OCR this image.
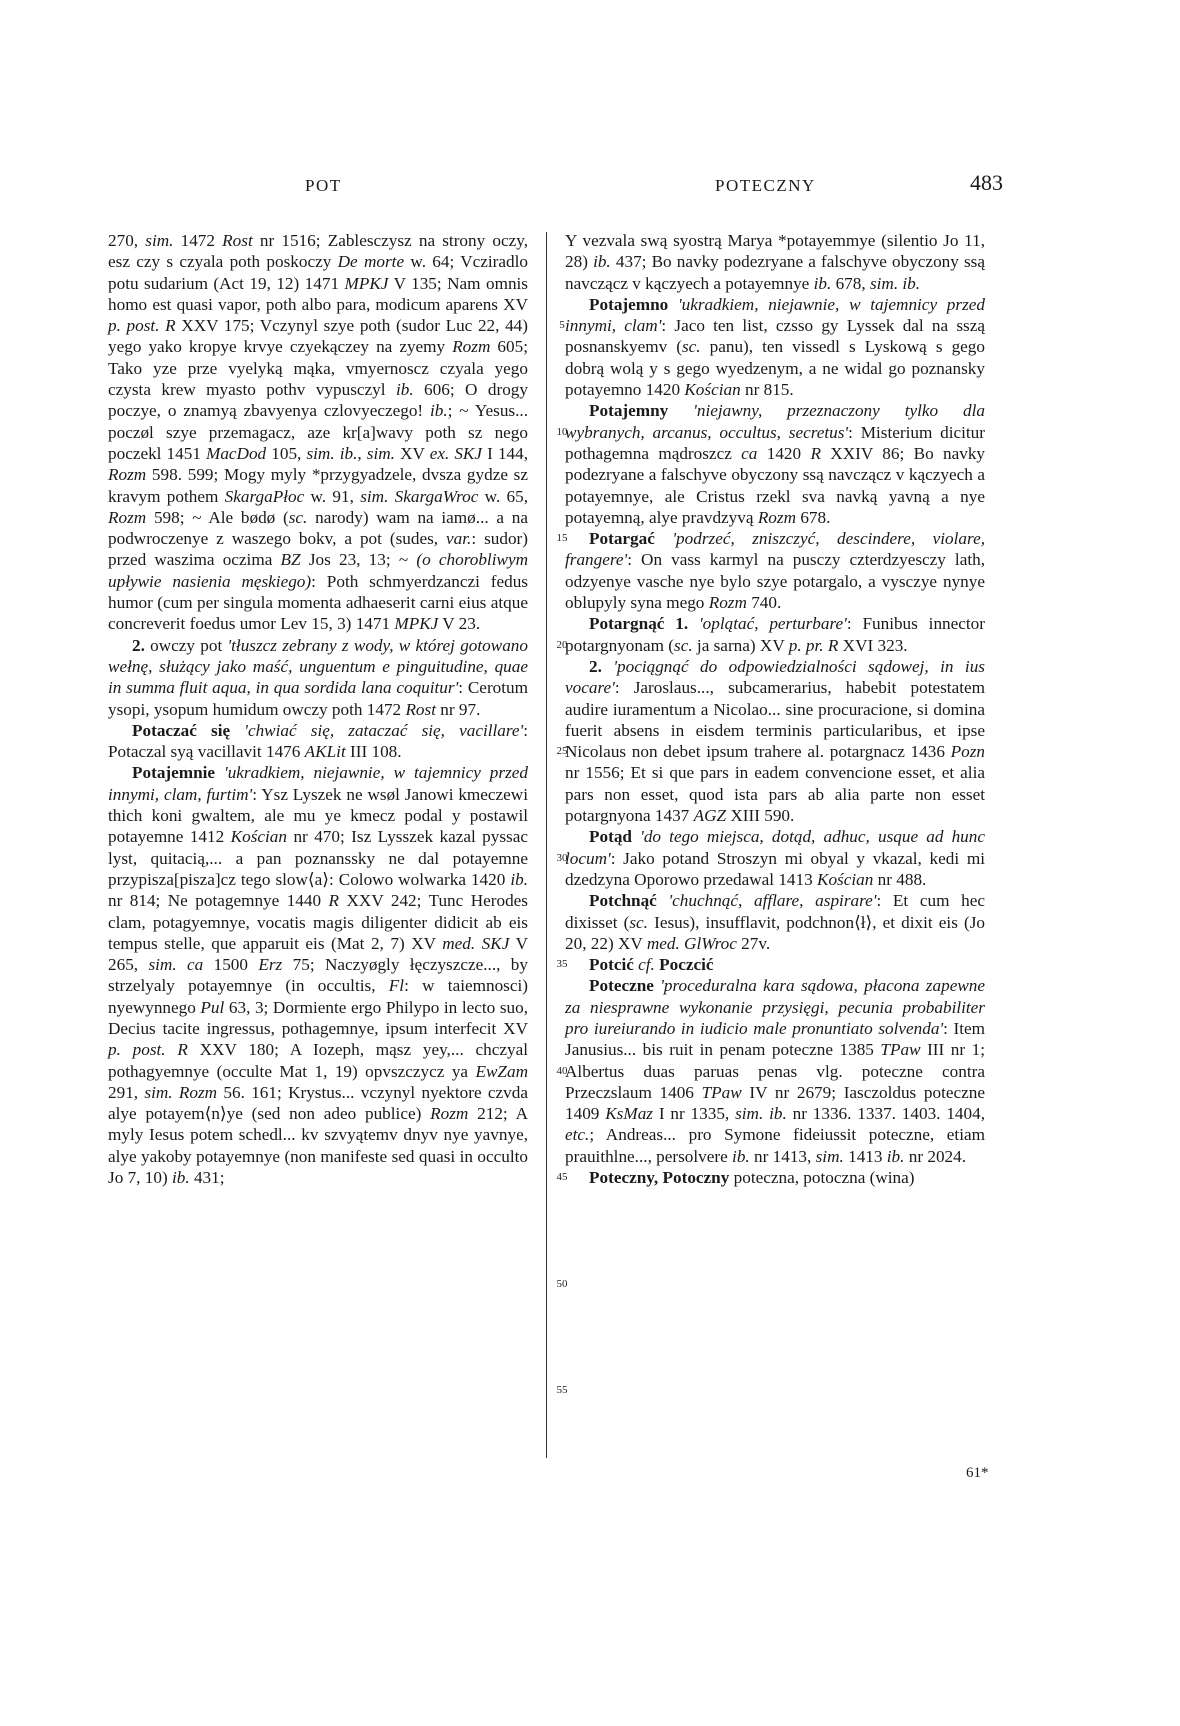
POT	POTECZNY	483

270, sim. 1472 Rost nr 1516; Zablesczysz na strony oczy, esz czy s czyala poth poskoczy De morte w. 64; Vcziradlo potu sudarium (Act 19, 12) 1471 MPKJ V 135; Nam omnis homo est quasi vapor, poth albo para, modicum aparens XV p. post. R XXV 175; Vczynyl szye poth (sudor Luc 22, 44) yego yako kropye krvye czyekączey na zyemy Rozm 605; Tako yze prze vyelyką mąka, vmyernoscz czyala yego czysta krew myasto pothv vypusczyl ib. 606; O drogy poczye, o znamyą zbavyenya czlovyeczego! ib.; ~ Yesus... poczøl szye przemagacz, aze kr[a]wavy poth sz nego poczekl 1451 MacDod 105, sim. ib., sim. XV ex. SKJ I 144, Rozm 598. 599; Mogy myly *przygyadzele, dvsza gydze sz kravym pothem SkargaPłoc w. 91, sim. SkargaWroc w. 65, Rozm 598; ~ Ale bødø (sc. narody) wam na iamø... a na podwroczenye z waszego bokv, a pot (sudes, var.: sudor) przed waszima oczima BZ Jos 23, 13; ~ (o chorobliwym upływie nasienia męskiego): Poth schmyerdzanczi fedus humor (cum per singula momenta adhaeserit carni eius atque concreverit foedus umor Lev 15, 3) 1471 MPKJ V 23.

2. owczy pot 'tłuszcz zebrany z wody, w której gotowano wełnę, służący jako maść, unguentum e pinguitudine, quae in summa fluit aqua, in qua sordida lana coquitur': Cerotum ysopi, ysopum humidum owczy poth 1472 Rost nr 97.

Potaczać się 'chwiać się, zataczać się, vacillare': Potaczal syą vacillavit 1476 AKLit III 108.

Potajemnie 'ukradkiem, niejawnie, w tajemnicy przed innymi, clam, furtim': Ysz Lyszek ne wsøl Janowi kmeczewi thich koni gwaltem, ale mu ye kmecz podal y postawil potayemne 1412 Kościan nr 470; Isz Lysszek kazal pyssac lyst, quitacią,... a pan poznanssky ne dal potayemne przypisza[pisza]cz tego slow⟨a⟩: Colowo wolwarka 1420 ib. nr 814; Ne potagemnye 1440 R XXV 242; Tunc Herodes clam, potagyemnye, vocatis magis diligenter didicit ab eis tempus stelle, que apparuit eis (Mat 2, 7) XV med. SKJ V 265, sim. ca 1500 Erz 75; Naczyøgly łęczyszcze..., by strzelyaly potayemnye (in occultis, Fl: w taiemnosci) nyewynnego Pul 63, 3; Dormiente ergo Philypo in lecto suo, Decius tacite ingressus, pothagemnye, ipsum interfecit XV p. post. R XXV 180; A Iozeph, mąsz yey,... chczyal pothagyemnye (occulte Mat 1, 19) opvszczycz ya EwZam 291, sim. Rozm 56. 161; Krystus... vczynyl nyektore czvda alye potayem⟨n⟩ye (sed non adeo publice) Rozm 212; A myly Iesus potem schedl... kv szvyątemv dnyv nye yavnye, alye yakoby potayemnye (non manifeste sed quasi in occulto Jo 7, 10) ib. 431;

5
10
15
20
25
30
35
40
45
50
55

Y vezvala swą syostrą Marya *potayemmye (silentio Jo 11, 28) ib. 437; Bo navky podezryane a falschyve obyczony ssą navcząсz v kączyech a potayemnye ib. 678, sim. ib.

Potajemno 'ukradkiem, niejawnie, w tajemnicy przed innymi, clam': Jaco ten list, czsso gy Lyssek dal na sszą posnanskyemv (sc. panu), ten vissedl s Lyskową s gego dobrą wolą y s gego wyedzenym, a ne widal go poznansky potayemno 1420 Kościan nr 815.

Potajemny 'niejawny, przeznaczony tylko dla wybranych, arcanus, occultus, secretus': Misterium dicitur pothagemna mądroszcz ca 1420 R XXIV 86; Bo navky podezryane a falschyve obyczony ssą navcząсz v kączyech a potayemnye, ale Cristus rzekl sva navką yavną a nye potayemną, alye pravdzyvą Rozm 678.

Potargać 'podrzeć, zniszczyć, descindere, violare, frangere': On vass karmyl na pusczy czterdzyesczy lath, odzyenye vasche nye bylo szye potargalo, a vysczye nynye oblupyly syna mego Rozm 740.

Potargnąć 1. 'oplątać, perturbare': Funibus innector potargnyonam (sc. ja sarna) XV p. pr. R XVI 323.

2. 'pociągnąć do odpowiedzialności sądowej, in ius vocare': Jaroslaus..., subcamerarius, habebit potestatem audire iuramentum a Nicolao... sine procuracione, si domina fuerit absens in eisdem terminis particularibus, et ipse Nicolaus non debet ipsum trahere al. potargnacz 1436 Pozn nr 1556; Et si que pars in eadem convencione esset, et alia pars non esset, quod ista pars ab alia parte non esset potargnyona 1437 AGZ XIII 590.

Potąd 'do tego miejsca, dotąd, adhuc, usque ad hunc locum': Jako potand Stroszyn mi obyal y vkazal, kedi mi dzedzyna Oporowo przedawal 1413 Kościan nr 488.

Potchnąć 'chuchnąć, afflare, aspirare': Et cum hec dixisset (sc. Iesus), insufflavit, podchnon⟨ł⟩, et dixit eis (Jo 20, 22) XV med. GlWroc 27v.

Potcić cf. Poczcić

Poteczne 'proceduralna kara sądowa, płacona zapewne za niesprawne wykonanie przysięgi, pecunia probabiliter pro iureiurando in iudicio male pronuntiato solvenda': Item Janusius... bis ruit in penam poteczne 1385 TPaw III nr 1; Albertus duas paruas penas vlg. poteczne contra Przeczslaum 1406 TPaw IV nr 2679; Iasczoldus poteczne 1409 KsMaz I nr 1335, sim. ib. nr 1336. 1337. 1403. 1404, etc.; Andreas... pro Symone fideiussit poteczne, etiam prauithlne..., persolvere ib. nr 1413, sim. 1413 ib. nr 2024.

Poteczny, Potoczny poteczna, potoczna (wina)

61*
